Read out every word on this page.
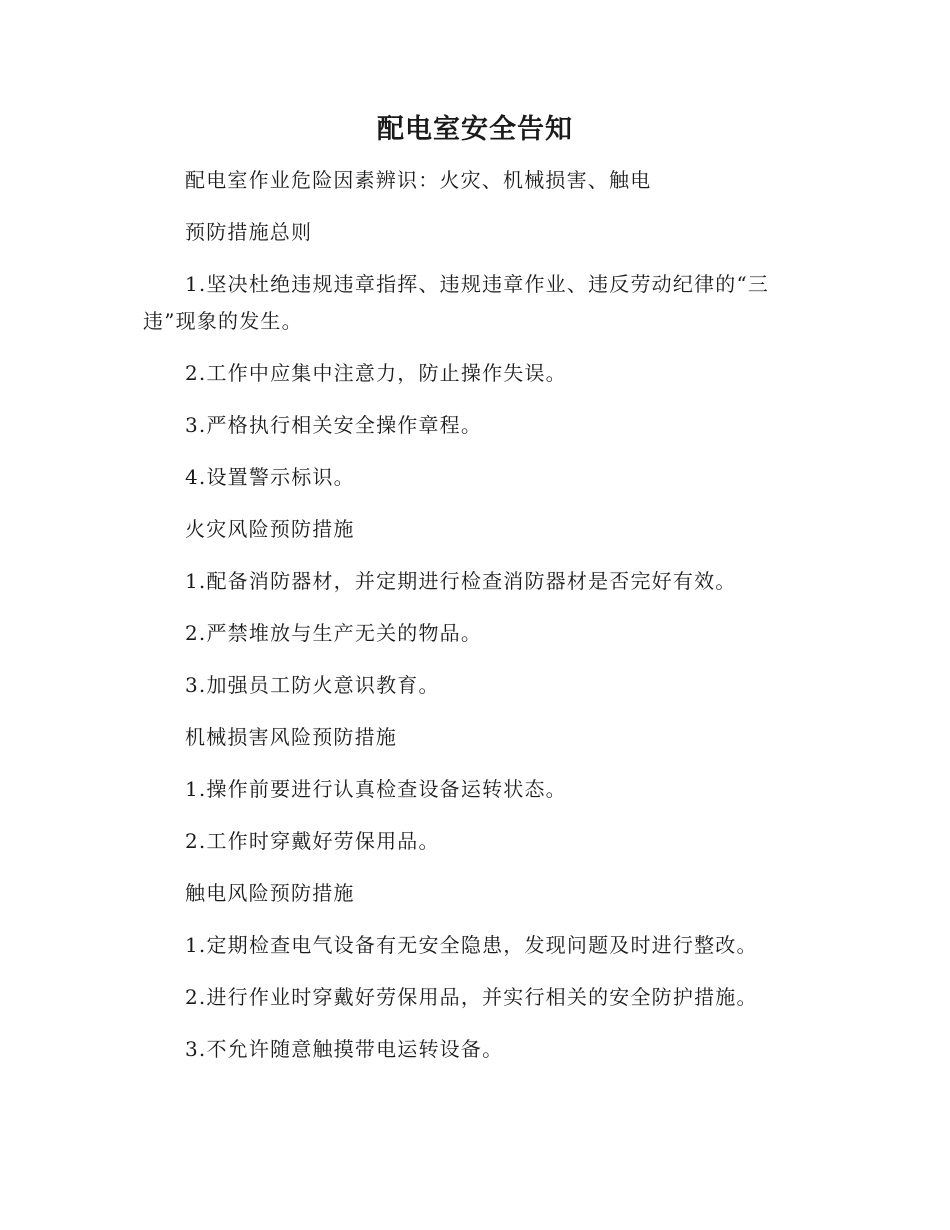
配电室安全告知

配电室作业危险因素辨识：火灾、机械损害、触电

预防措施总则

1.坚决杜绝违规违章指挥、违规违章作业、违反劳动纪律的“三违”现象的发生。

2.工作中应集中注意力，防止操作失误。

3.严格执行相关安全操作章程。

4.设置警示标识。

火灾风险预防措施

1.配备消防器材，并定期进行检查消防器材是否完好有效。

2.严禁堆放与生产无关的物品。

3.加强员工防火意识教育。

机械损害风险预防措施

1.操作前要进行认真检查设备运转状态。

2.工作时穿戴好劳保用品。

触电风险预防措施

1.定期检查电气设备有无安全隐患，发现问题及时进行整改。

2.进行作业时穿戴好劳保用品，并实行相关的安全防护措施。

3.不允许随意触摸带电运转设备。
